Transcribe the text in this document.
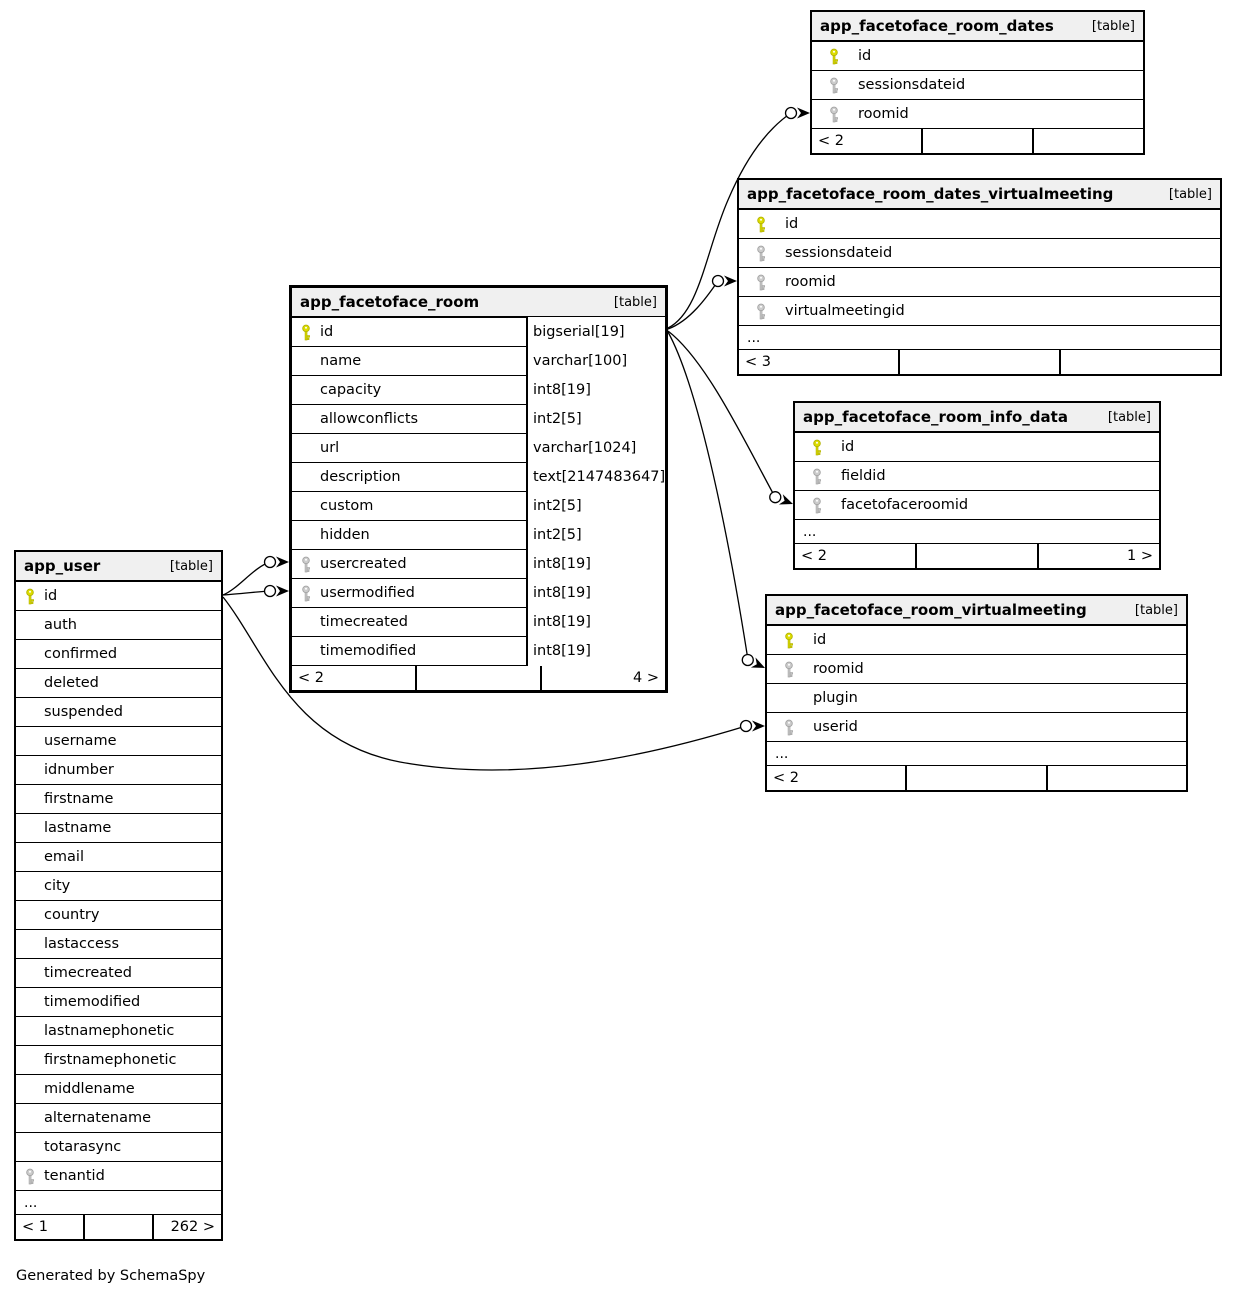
app_facetoface_room_dates	[table]
id
sessionsdateid
roomid
< 2
app_facetoface_room_dates_virtualmeeting	[table]
id
sessionsdateid
roomid
virtualmeetingid
...
< 3
app_facetoface_room	[table]
id	bigserial[19]
name	varchar[100]
capacity	int8[19]
allowconflicts	int2[5]
url	varchar[1024]
description	text[2147483647]
custom	int2[5]
hidden	int2[5]
usercreated	int8[19]
usermodified	int8[19]
timecreated	int8[19]
timemodified	int8[19]
< 2	4 >
app_facetoface_room_info_data	[table]
id
fieldid
facetofaceroomid
...
< 2	1 >
app_facetoface_room_virtualmeeting	[table]
id
roomid
plugin
userid
...
< 2
app_user	[table]
id
auth
confirmed
deleted
suspended
username
idnumber
firstname
lastname
email
city
country
lastaccess
timecreated
timemodified
lastnamephonetic
firstnamephonetic
middlename
alternatename
totarasync
tenantid
...
< 1	262 >
Generated by SchemaSpy
